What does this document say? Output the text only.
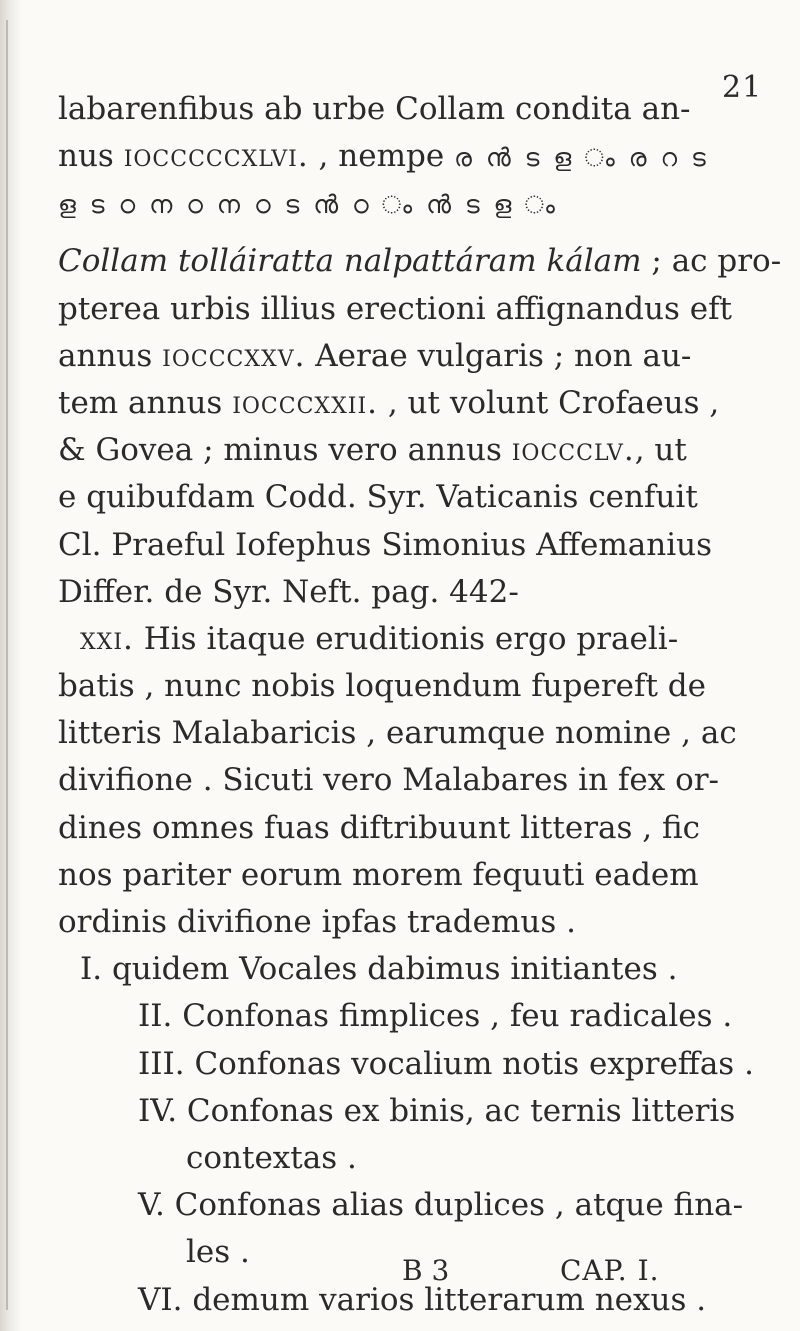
21
labarenfibus ab urbe Collam condita an-
nus iocccccxlvi. , nempe ര ൻ ട ള ം ര റ ട
ള ട ഠ ന ഠ ന ഠ ട ൻ ഠ ം ൻ ട ള ം
Collam tolláiratta nalpattáram kálam ; ac pro-
pterea urbis illius erectioni affignandus eft
annus iocccxxv. Aerae vulgaris ; non au-
tem annus iocccxxii. , ut volunt Crofaeus ,
& Govea ; minus vero annus ioccclv., ut
e quibufdam Codd. Syr. Vaticanis cenfuit
Cl. Praeful Iofephus Simonius Affemanius
Differ. de Syr. Neft. pag. 442-
xxi. His itaque eruditionis ergo praeli-
batis , nunc nobis loquendum fupereft de
litteris Malabaricis , earumque nomine , ac
divifione . Sicuti vero Malabares in fex or-
dines omnes fuas diftribuunt litteras , fic
nos pariter eorum morem fequuti eadem
ordinis divifione ipfas trademus .
I. quidem Vocales dabimus initiantes .
II. Confonas fimplices , feu radicales .
III. Confonas vocalium notis expreffas .
IV. Confonas ex binis, ac ternis litteris
contextas .
V. Confonas alias duplices , atque fina-
les .
VI. demum varios litterarum nexus .
B 3	CAP. I.
